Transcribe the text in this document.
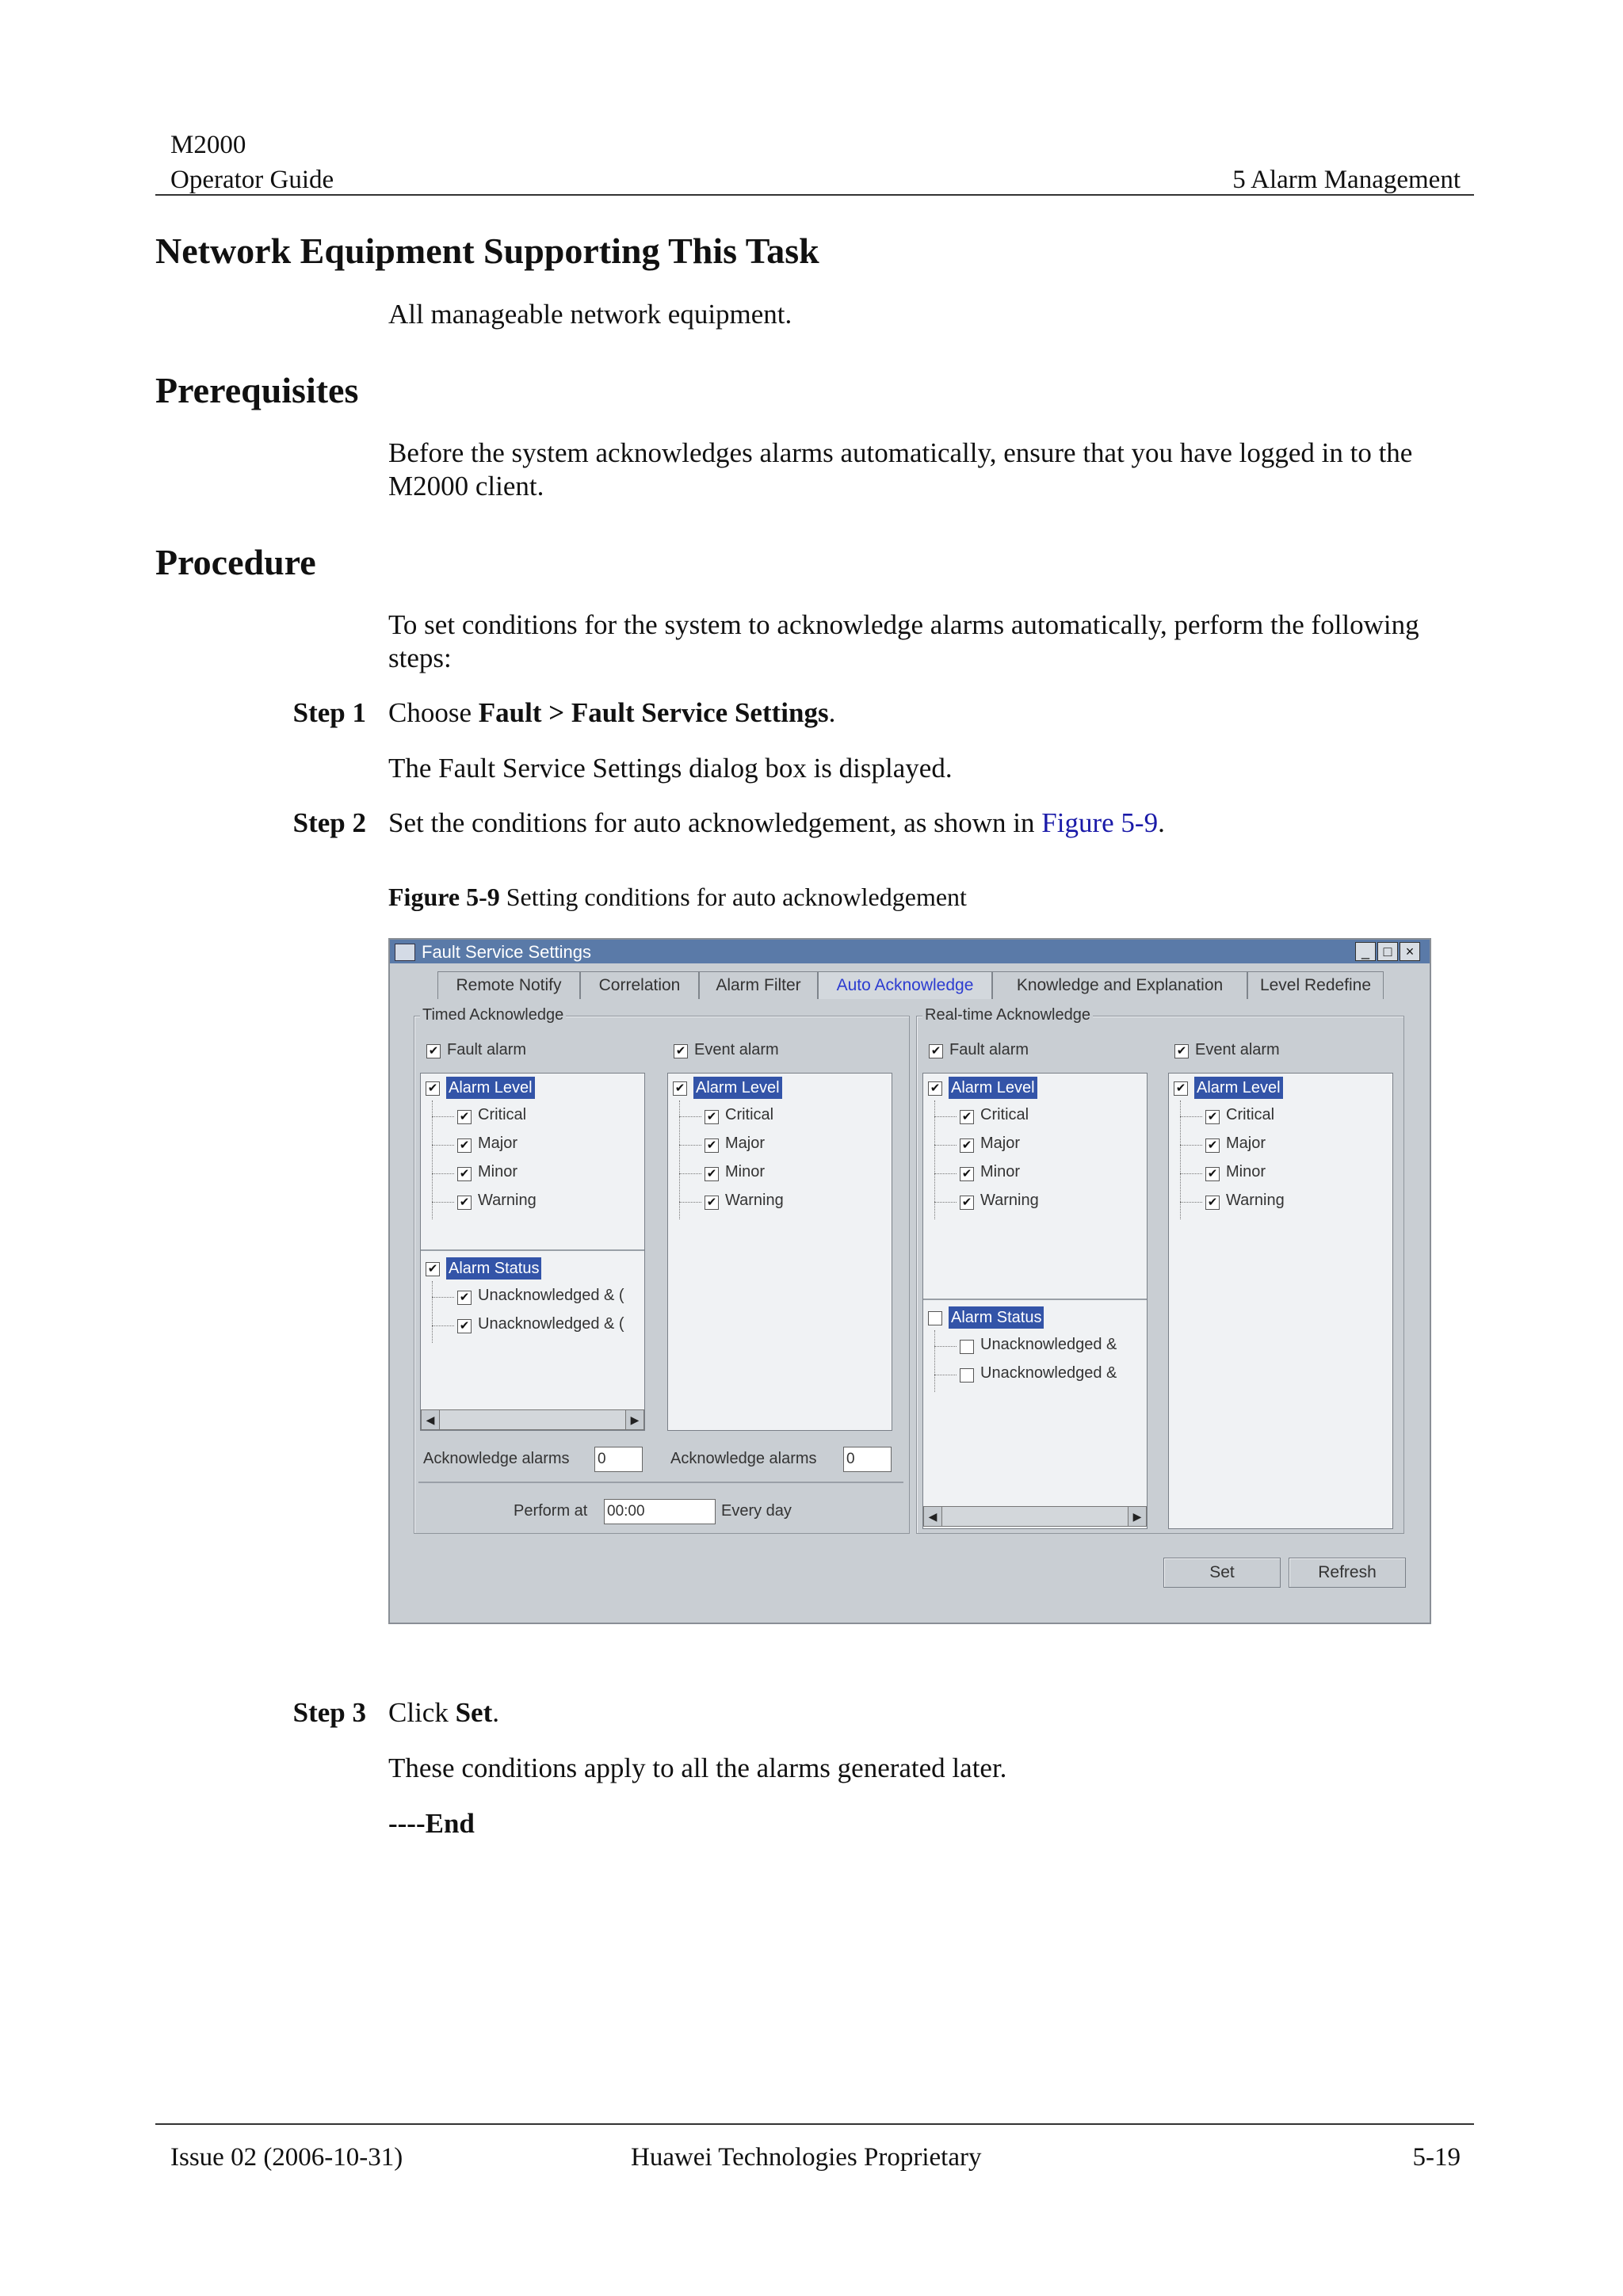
M2000
Operator Guide	5 Alarm Management
Network Equipment Supporting This Task
All manageable network equipment.
Prerequisites
Before the system acknowledges alarms automatically, ensure that you have logged in to the
M2000 client.
Procedure
To set conditions for the system to acknowledge alarms automatically, perform the following
steps:
Step 1 Choose Fault > Fault Service Settings.
The Fault Service Settings dialog box is displayed.
Step 2 Set the conditions for auto acknowledgement, as shown in Figure 5-9.
Figure 5-9 Setting conditions for auto acknowledgement
Fault Service Settings	_ □ ×
Remote Notify	Correlation	Alarm Filter	Auto Acknowledge	Knowledge and Explanation	Level Redefine
Timed Acknowledge
✔ Fault alarm
✔ Alarm Level
✔ Critical
✔ Major
✔ Minor
✔ Warning
✔ Alarm Status
✔ Unacknowledged & (
✔ Unacknowledged & (
◀	▶
✔ Event alarm
✔ Alarm Level
✔ Critical
✔ Major
✔ Minor
✔ Warning
Acknowledge alarms 0	Acknowledge alarms 0
Perform at 00:00	Every day
Real-time Acknowledge
✔ Fault alarm
✔ Alarm Level
✔ Critical
✔ Major
✔ Minor
✔ Warning
Alarm Status
Unacknowledged &
Unacknowledged &
◀	▶
✔ Event alarm
✔ Alarm Level
✔ Critical
✔ Major
✔ Minor
✔ Warning
Set	Refresh
Step 3 Click Set.
These conditions apply to all the alarms generated later.
----End
Issue 02 (2006-10-31)	Huawei Technologies Proprietary	5-19
